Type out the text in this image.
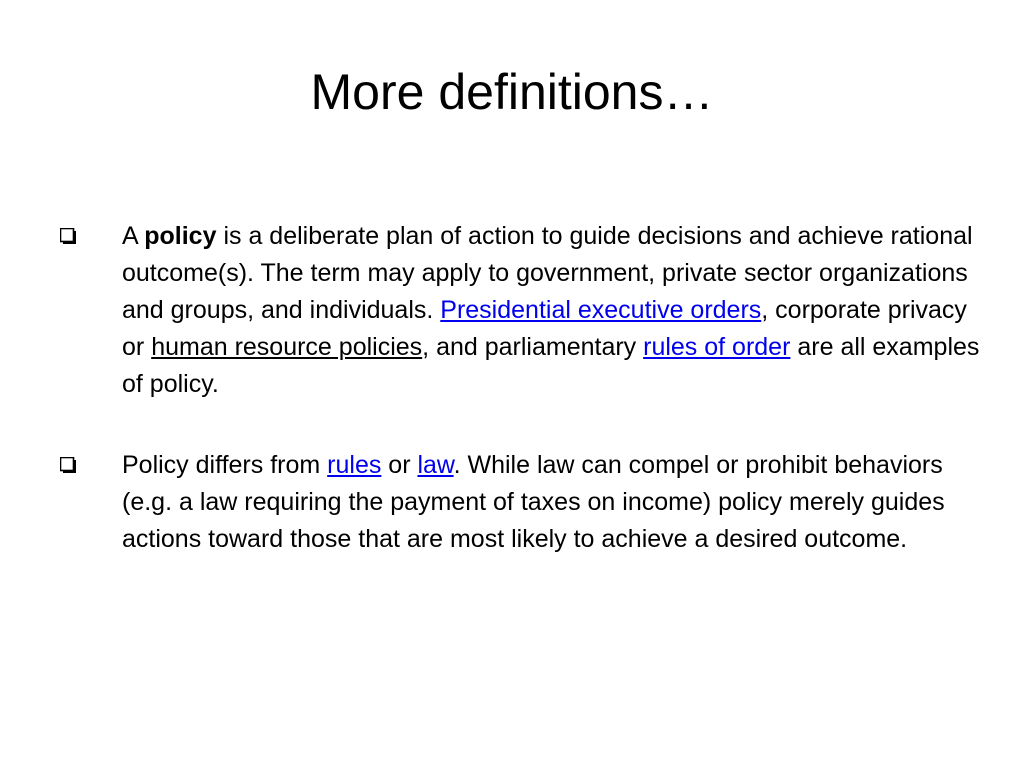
More definitions…
A policy is a deliberate plan of action to guide decisions and achieve rational outcome(s). The term may apply to government, private sector organizations and groups, and individuals. Presidential executive orders, corporate privacy or human resource policies, and parliamentary rules of order are all examples of policy.
Policy differs from rules or law. While law can compel or prohibit behaviors (e.g. a law requiring the payment of taxes on income) policy merely guides actions toward those that are most likely to achieve a desired outcome.
